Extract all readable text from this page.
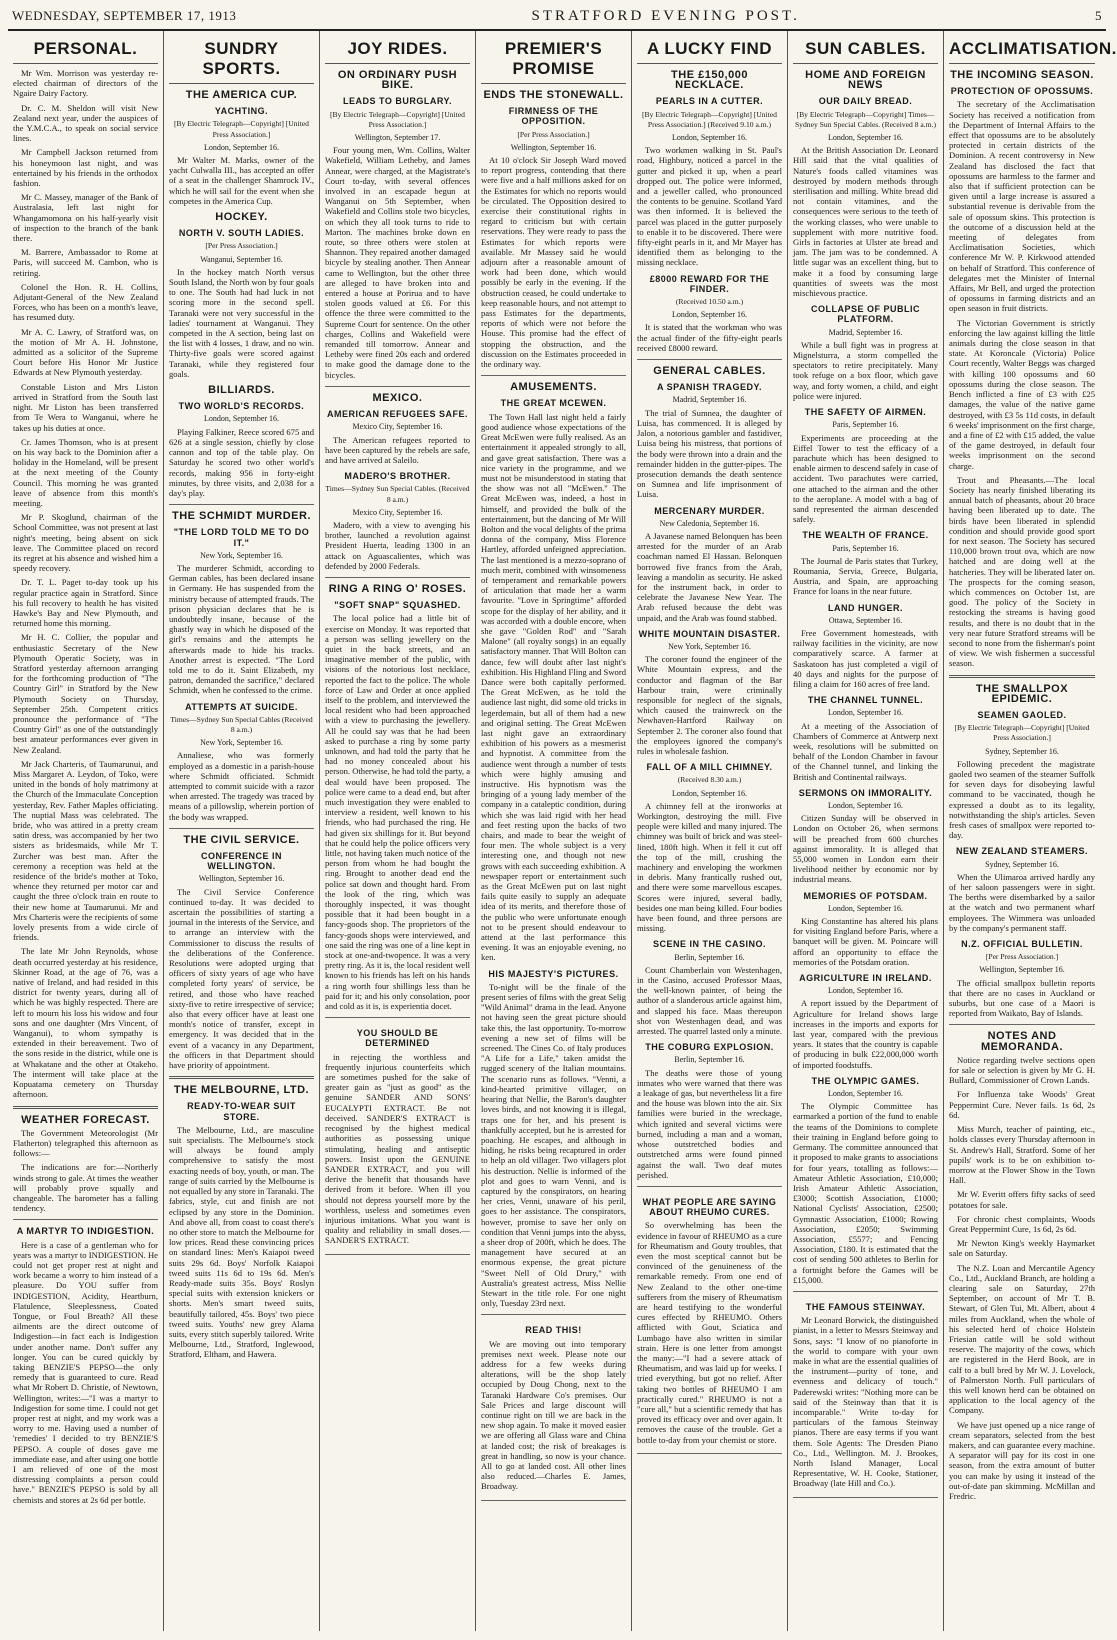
WEDNESDAY, SEPTEMBER 17, 1913	STRATFORD EVENING POST.	5
PERSONAL.

Mr Wm. Morrison was yesterday re-elected chairman of directors of the Ngaire Dairy Factory.

Dr. C. M. Sheldon will visit New Zealand next year, under the auspices of the Y.M.C.A., to speak on social service lines.

Mr Campbell Jackson returned from his honeymoon last night, and was entertained by his friends in the orthodox fashion.

Mr C. Massey, manager of the Bank of Australasia, left last night for Whangamomona on his half-yearly visit of inspection to the branch of the bank there.

M. Barrere, Ambassador to Rome at Paris, will succeed M. Cambon, who is retiring.

Colonel the Hon. R. H. Collins, Adjutant-General of the New Zealand Forces, who has been on a month's leave, has resumed duty.

Mr A. C. Lawry, of Stratford was, on the motion of Mr A. H. Johnstone, admitted as a solicitor of the Supreme Court before His Honor Mr Justice Edwards at New Plymouth yesterday.

Constable Liston and Mrs Liston arrived in Stratford from the South last night. Mr Liston has been transferred from Te Wera to Wanganui, where he takes up his duties at once.

Cr. James Thomson, who is at present on his way back to the Dominion after a holiday in the Homeland, will be present at the next meeting of the County Council. This morning he was granted leave of absence from this month's meeting.

Mr P. Skoglund, chairman of the School Committee, was not present at last night's meeting, being absent on sick leave. The Committee placed on record its regret at his absence and wished him a speedy recovery.

Dr. T. L. Paget to-day took up his regular practice again in Stratford. Since his full recovery to health he has visited Hawke's Bay and New Plymouth, and returned home this morning.

Mr H. C. Collier, the popular and enthusiastic Secretary of the New Plymouth Operatic Society, was in Stratford yesterday afternoon arranging for the forthcoming production of "The Country Girl" in Stratford by the New Plymouth Society on Thursday, September 25th. Competent critics pronounce the performance of "The Country Girl" as one of the outstandingly best amateur performances ever given in New Zealand.

Mr Jack Charteris, of Taumarunui, and Miss Margaret A. Leydon, of Toko, were united in the bonds of holy matrimony at the Church of the Immaculate Conception yesterday, Rev. Father Maples officiating. The nuptial Mass was celebrated. The bride, who was attired in a pretty cream satin dress, was accompanied by her two sisters as bridesmaids, while Mr T. Zurcher was best man. After the ceremony a reception was held at the residence of the bride's mother at Toko, whence they returned per motor car and caught the three o'clock train en route to their new home at Taumarunui. Mr and Mrs Charteris were the recipients of some lovely presents from a wide circle of friends.

The late Mr John Reynolds, whose death occurred yesterday at his residence, Skinner Road, at the age of 76, was a native of Ireland, and had resided in this district for twenty years, during all of which he was highly respected. There are left to mourn his loss his widow and four sons and one daughter (Mrs Vincent, of Wanganui), to whom sympathy is extended in their bereavement. Two of the sons reside in the district, while one is at Whakatane and the other at Otakeho. The interment will take place at the Kopuatama cemetery on Thursday afternoon.

WEATHER FORECAST.

The Government Meteorologist (Mr Flatherton) telegraphed this afternoon as follows:—

The indications are for:—Northerly winds strong to gale. At times the weather will probably prove squally and changeable. The barometer has a falling tendency.

A MARTYR TO INDIGESTION.

Here is a case of a gentleman who for years was a martyr to INDIGESTION. He could not get proper rest at night and work became a worry to him instead of a pleasure. Do YOU suffer from INDIGESTION, Acidity, Heartburn, Flatulence, Sleeplessness, Coated Tongue, or Foul Breath? All these ailments are the direct outcome of Indigestion—in fact each is Indigestion under another name. Don't suffer any longer. You can be cured quickly by taking BENZIE'S PEPSO—the only remedy that is guaranteed to cure. Read what Mr Robert D. Christie, of Newtown, Wellington, writes:—"I was a martyr to Indigestion for some time. I could not get proper rest at night, and my work was a worry to me. Having used a number of 'remedies' I decided to try BENZIE'S PEPSO. A couple of doses gave me immediate ease, and after using one bottle I am relieved of one of the most distressing complaints a person could have." BENZIE'S PEPSO is sold by all chemists and stores at 2s 6d per bottle.

SUNDRY SPORTS.
THE AMERICA CUP.
YACHTING.
[By Electric Telegraph—Copyright] [United Press Association.]
London, September 16.

Mr Walter M. Marks, owner of the yacht Culwalla III., has accepted an offer of a seat in the challenger Shamrock IV., which he will sail for the event when she competes in the America Cup.

HOCKEY.
NORTH V. SOUTH LADIES.
[Per Press Association.]
Wanganui, September 16.

In the hockey match North versus South Island, the North won by four goals to one. The South had had luck in not scoring more in the second spell. Taranaki were not very successful in the ladies' tournament at Wanganui. They competed in the A section, being last on the list with 4 losses, 1 draw, and no win. Thirty-five goals were scored against Taranaki, while they registered four goals.

BILLIARDS.
TWO WORLD'S RECORDS.
London, September 16.

Playing Falkiner, Reece scored 675 and 626 at a single session, chiefly by close cannon and top of the table play. On Saturday he scored two other world's records, making 956 in forty-eight minutes, by three visits, and 2,038 for a day's play.

THE SCHMIDT MURDER.
"THE LORD TOLD ME TO DO IT."
New York, September 16.

The murderer Schmidt, according to German cables, has been declared insane in Germany. He has suspended from the ministry because of attempted frauds. The prison physician declares that he is undoubtedly insane, because of the ghastly way in which he disposed of the girl's remains and the attempts he afterwards made to hide his tracks. Another arrest is expected. "The Lord told me to do it. Saint Elizabeth, my patron, demanded the sacrifice," declared Schmidt, when he confessed to the crime.

ATTEMPTS AT SUICIDE.
Times—Sydney Sun Special Cables (Received 8 a.m.)
New York, September 16.

Annaliese, who was formerly employed as a domestic in a parish-house where Schmidt officiated. Schmidt attempted to commit suicide with a razor when arrested. The tragedy was traced by means of a pillowslip, wherein portion of the body was wrapped.

THE CIVIL SERVICE.
CONFERENCE IN WELLINGTON.
Wellington, September 16.

The Civil Service Conference continued to-day. It was decided to ascertain the possibilities of starting a journal in the interests of the Service, and to arrange an interview with the Commissioner to discuss the results of the deliberations of the Conference. Resolutions were adopted urging that officers of sixty years of age who have completed forty years' of service, be retired, and those who have reached sixty-five to retire irrespective of service; also that every officer have at least one month's notice of transfer, except in emergency. It was decided that in the event of a vacancy in any Department, the officers in that Department should have priority of appointment.

THE MELBOURNE, LTD.
READY-TO-WEAR SUIT STORE.

The Melbourne, Ltd., are masculine suit specialists. The Melbourne's stock will always be found amply comprehensive to satisfy the most exacting needs of boy, youth, or man. The range of suits carried by the Melbourne is not equalled by any store in Taranaki. The fabrics, style, cut and finish are not eclipsed by any store in the Dominion. And above all, from coast to coast there's no other store to match the Melbourne for low prices. Read these convincing prices on standard lines: Men's Kaiapoi tweed suits 29s 6d. Boys' Norfolk Kaiapoi tweed suits 11s 6d to 19s 6d. Men's Ready-made suits 35s. Boys' Roslyn special suits with extension knickers or shorts. Men's smart tweed suits, beautifully tailored, 45s. Boys' two piece tweed suits. Youths' new grey Alama suits, every stitch superbly tailored. Write Melbourne, Ltd., Stratford, Inglewood, Stratford, Eltham, and Hawera.

JOY RIDES.
ON ORDINARY PUSH BIKE.
LEADS TO BURGLARY.
[By Electric Telegraph—Copyright] [United Press Association.]
Wellington, September 17.

Four young men, Wm. Collins, Walter Wakefield, William Letheby, and James Annear, were charged, at the Magistrate's Court to-day, with several offences involved in an escapade begun at Wanganui on 5th September, when Wakefield and Collins stole two bicycles, on which they all took turns to ride to Marton. The machines broke down en route, so three others were stolen at Shannon. They repaired another damaged bicycle by stealing another. Then Annear came to Wellington, but the other three are alleged to have broken into and entered a house at Porirua and to have stolen goods valued at £6. For this offence the three were committed to the Supreme Court for sentence. On the other charges, Collins and Wakefield were remanded till tomorrow. Annear and Letheby were fined 20s each and ordered to make good the damage done to the bicycles.

MEXICO.
AMERICAN REFUGEES SAFE.
Mexico City, September 16.

The American refugees reported to have been captured by the rebels are safe, and have arrived at Saleilo.

MADERO'S BROTHER.
Times—Sydney Sun Special Cables. (Received 8 a.m.)
Mexico City, September 16.

Madero, with a view to avenging his brother, launched a revolution against President Huerta, leading 1300 in an attack on Aguascalientes, which was defended by 2000 Federals.

RING A RING O' ROSES.
"SOFT SNAP" SQUASHED.

The local police had a little bit of exercise on Monday. It was reported that a person was selling jewellery on the quiet in the back streets, and an imaginative member of the public, with visions of the notorious lost necklace, reported the fact to the police. The whole force of Law and Order at once applied itself to the problem, and interviewed the local resident who had been approached with a view to purchasing the jewellery. All he could say was that he had been asked to purchase a ring by some party unknown, and had told the party that he had no money concealed about his person. Otherwise, he had told the party, a deal would have been proposed. The police were came to a dead end, but after much investigation they were enabled to interview a resident, well known to his friends, who had purchased the ring. He had given six shillings for it. But beyond that he could help the police officers very little, not having taken much notice of the person from whom he had bought the ring. Brought to another dead end the police sat down and thought hard. From the look of the ring, which was thoroughly inspected, it was thought possible that it had been bought in a fancy-goods shop. The proprietors of the fancy-goods shops were interviewed, and one said the ring was one of a line kept in stock at one-and-twopence. It was a very pretty ring. As it is, the local resident well known to his friends has left on his hands a ring worth four shillings less than he paid for it; and his only consolation, poor and cold as it is, is experientia docet.

YOU SHOULD BE DETERMINED

in rejecting the worthless and frequently injurious counterfeits which are sometimes pushed for the sake of greater gain as "just as good" as the genuine SANDER AND SONS' EUCALYPTI EXTRACT. Be not deceived. SANDER'S EXTRACT is recognised by the highest medical authorities as possessing unique stimulating, healing and antiseptic powers. Insist upon the GENUINE SANDER EXTRACT, and you will derive the benefit that thousands have derived from it before. When ill you should not depress yourself more by the worthless, useless and sometimes even injurious imitations. What you want is quality and reliability in small doses.—SANDER'S EXTRACT.

PREMIER'S PROMISE
ENDS THE STONEWALL.
FIRMNESS OF THE OPPOSITION.
[Per Press Association.]
Wellington, September 16.

At 10 o'clock Sir Joseph Ward moved to report progress, contending that there were five and a half millions asked for on the Estimates for which no reports would be circulated. The Opposition desired to exercise their constitutional rights in regard to criticism but with certain reservations. They were ready to pass the Estimates for which reports were available. Mr Massey said he would adjourn after a reasonable amount of work had been done, which would possibly be early in the evening. If the obstruction ceased, he could undertake to keep reasonable hours, and not attempt to pass Estimates for the departments, reports of which were not before the House. This promise had the effect of stopping the obstruction, and the discussion on the Estimates proceeded in the ordinary way.

AMUSEMENTS.
THE GREAT MCEWEN.

The Town Hall last night held a fairly good audience whose expectations of the Great McEwen were fully realised. As an entertainment it appealed strongly to all, and gave great satisfaction. There was a nice variety in the programme, and we must not be misunderstood in stating that the show was not all "McEwen." The Great McEwen was, indeed, a host in himself, and provided the bulk of the entertainment, but the dancing of Mr Will Bolton and the vocal delights of the prima donna of the company, Miss Florence Hartley, afforded unfeigned appreciation. The last mentioned is a mezzo-soprano of much merit, combined with winsomeness of temperament and remarkable powers of articulation that made her a warm favourite. "Love in Springtime" afforded scope for the display of her ability, and it was accorded with a double encore, when she gave "Golden Rod" and "Sarah Malone" (all royalty songs) in an equally satisfactory manner. That Will Bolton can dance, few will doubt after last night's exhibition. His Highland Fling and Sword Dance were both capitally performed. The Great McEwen, as he told the audience last night, did some old tricks in legerdemain, but all of them had a new and original setting. The Great McEwen last night gave an extraordinary exhibition of his powers as a mesmerist and hypnotist. A committee from the audience went through a number of tests which were highly amusing and instructive. His hypnotism was the bringing of a young lady member of the company in a cataleptic condition, during which she was laid rigid with her head and feet resting upon the backs of two chairs, and made to bear the weight of four men. The whole subject is a very interesting one, and though not new grows with each succeeding exhibition. A newspaper report or entertainment such as the Great McEwen put on last night fails quite easily to supply an adequate idea of its merits, and therefore those of the public who were unfortunate enough not to be present should endeavour to attend at the last performance this evening. It was an enjoyable evening, no ken.

HIS MAJESTY'S PICTURES.

To-night will be the finale of the present series of films with the great Selig "Wild Animal" drama in the lead. Anyone not having seen the great picture should take this, the last opportunity. To-morrow evening a new set of films will be screened. The Cines Co. of Italy produces "A Life for a Life," taken amidst the rugged scenery of the Italian mountains. The scenario runs as follows. "Venni, a kind-hearted primitive villager, on hearing that Nellie, the Baron's daughter loves birds, and not knowing it is illegal, traps one for her, and his present is thankfully accepted, but he is arrested for poaching. He escapes, and although in hiding, he risks being recaptured in order to help an old villager. Two villagers plot his destruction. Nellie is informed of the plot and goes to warn Venni, and is captured by the conspirators, on hearing her cries, Venni, unaware of his peril, goes to her assistance. The conspirators, however, promise to save her only on condition that Venni jumps into the abyss, a sheer drop of 200ft, which he does. The management have secured at an enormous expense, the great picture "Sweet Nell of Old Drury," with Australia's greatest actress, Miss Nellie Stewart in the title role. For one night only, Tuesday 23rd next.

READ THIS!

We are moving out into temporary premises next week. Please note our address for a few weeks during alterations, will be the shop lately occupied by Doug Chong, next to the Taranaki Hardware Co's premises. Our Sale Prices and large discount will continue right on till we are back in the new shop again. To make it moved easier we are offering all Glass ware and China at landed cost; the risk of breakages is great in handling, so now is your chance. All to go at landed cost. All other lines also reduced.—Charles E. James, Broadway.

A LUCKY FIND
THE £150,000 NECKLACE.
PEARLS IN A CUTTER.
[By Electric Telegraph—Copyright] [United Press Association.] (Received 9.10 a.m.)
London, September 16.

Two workmen walking in St. Paul's road, Highbury, noticed a parcel in the gutter and picked it up, when a pearl dropped out. The police were informed, and a jeweller called, who pronounced the contents to be genuine. Scotland Yard was then informed. It is believed the parcel was placed in the gutter purposely to enable it to be discovered. There were fifty-eight pearls in it, and Mr Mayer has identified them as belonging to the missing necklace.

£8000 REWARD FOR THE FINDER.
(Received 10.50 a.m.)
London, September 16.

It is stated that the workman who was the actual finder of the fifty-eight pearls received £8000 reward.

GENERAL CABLES.
A SPANISH TRAGEDY.
Madrid, September 16.

The trial of Sumnea, the daughter of Luisa, has commenced. It is alleged by Jalon, a notorious gambler and fastidiver, Luisa being his mistress, that portions of the body were thrown into a drain and the remainder hidden in the gutter-pipes. The prosecution demands the death sentence on Sumnea and life imprisonment of Luisa.

MERCENARY MURDER.
New Caledonia, September 16.

A Javanese named Belonquen has been arrested for the murder of an Arab coachman named El Hassan. Belonquen borrowed five francs from the Arab, leaving a mandolin as security. He asked for the instrument back, in order to celebrate the Javanese New Year. The Arab refused because the debt was unpaid, and the Arab was found stabbed.

WHITE MOUNTAIN DISASTER.
New York, September 16.

The coroner found the engineer of the White Mountain express, and the conductor and flagman of the Bar Harbour train, were criminally responsible for neglect of the signals, which caused the trainwreck on the Newhaven-Hartford Railway on September 2. The coroner also found that the employees ignored the company's rules in wholesale fashion.

FALL OF A MILL CHIMNEY.
(Received 8.30 a.m.)
London, September 16.

A chimney fell at the ironworks at Workington, destroying the mill. Five people were killed and many injured. The chimney was built of brick and was steel-lined, 180ft high. When it fell it cut off the top of the mill, crushing the machinery and enveloping the workmen in debris. Many frantically rushed out, and there were some marvellous escapes. Scores were injured, several badly, besides one man being killed. Four bodies have been found, and three persons are missing.

SCENE IN THE CASINO.
Berlin, September 16.

Count Chamberlain von Westenhagen, in the Casino, accused Professor Maas, the well-known painter, of being the author of a slanderous article against him, and slapped his face. Maas thereupon shot von Westenhagen dead, and was arrested. The quarrel lasted only a minute.

THE COBURG EXPLOSION.
Berlin, September 16.

The deaths were those of young inmates who were warned that there was a leakage of gas, but nevertheless lit a fire and the house was blown into the air. Six families were buried in the wreckage, which ignited and several victims were burned, including a man and a woman, whose outstretched bodies and outstretched arms were found pinned against the wall. Two deaf mutes perished.

WHAT PEOPLE ARE SAYING ABOUT RHEUMO CURES.

So overwhelming has been the evidence in favour of RHEUMO as a cure for Rheumatism and Gouty troubles, that even the most sceptical cannot but be convinced of the genuineness of the remarkable remedy. From one end of New Zealand to the other one-time sufferers from the misery of Rheumatism are heard testifying to the wonderful cures effected by RHEUMO. Others afflicted with Gout, Sciatica and Lumbago have also written in similar strain. Here is one letter from amongst the many:—"I had a severe attack of Rheumatism, and was laid up for weeks. I tried everything, but got no relief. After taking two bottles of RHEUMO I am practically cured." RHEUMO is not a "cure all," but a scientific remedy that has proved its efficacy over and over again. It removes the cause of the trouble. Get a bottle to-day from your chemist or store.

SUN CABLES.
HOME AND FOREIGN NEWS
OUR DAILY BREAD.
[By Electric Telegraph—Copyright] Times—Sydney Sun Special Cables. (Received 8 a.m.)
London, September 16.

At the British Association Dr. Leonard Hill said that the vital qualities of Nature's foods called vitamines was destroyed by modern methods through sterilisation and milling. White bread did not contain vitamines, and the consequences were serious to the teeth of the working classes, who were unable to supplement with more nutritive food. Girls in factories at Ulster ate bread and jam. The jam was to be condemned. A little sugar was an excellent thing, but to make it a food by consuming large quantities of sweets was the most mischievous practice.

COLLAPSE OF PUBLIC PLATFORM.
Madrid, September 16.

While a bull fight was in progress at Mignelsturra, a storm compelled the spectators to retire precipitately. Many took refuge on a box floor, which gave way, and forty women, a child, and eight police were injured.

THE SAFETY OF AIRMEN.
Paris, September 16.

Experiments are proceeding at the Eiffel Tower to test the efficacy of a parachute which has been designed to enable airmen to descend safely in case of accident. Two parachutes were carried, one attached to the airman and the other to the aeroplane. A model with a bag of sand represented the airman descended safely.

THE WEALTH OF FRANCE.
Paris, September 16.

The Journal de Paris states that Turkey, Roumania, Servia, Greece, Bulgaria, Austria, and Spain, are approaching France for loans in the near future.

LAND HUNGER.
Ottawa, September 16.

Free Government homesteads, with railway facilities in the vicinity, are now comparatively scarce. A farmer at Saskatoon has just completed a vigil of 40 days and nights for the purpose of filing a claim for 160 acres of free land.

THE CHANNEL TUNNEL.
London, September 16.

At a meeting of the Association of Chambers of Commerce at Antwerp next week, resolutions will be submitted on behalf of the London Chamber in favour of the Channel tunnel, and linking the British and Continental railways.

SERMONS ON IMMORALITY.
London, September 16.

Citizen Sunday will be observed in London on October 26, when sermons will be preached from 600 churches against immorality. It is alleged that 55,000 women in London earn their livelihood neither by economic nor by industrial means.

MEMORIES OF POTSDAM.
London, September 16.

King Constantine has altered his plans for visiting England before Paris, where a banquet will be given. M. Poincare will afford an opportunity to efface the memories of the Potsdam oration.

AGRICULTURE IN IRELAND.
London, September 16.

A report issued by the Department of Agriculture for Ireland shows large increases in the imports and exports for last year, compared with the previous years. It states that the country is capable of producing in bulk £22,000,000 worth of imported foodstuffs.

THE OLYMPIC GAMES.
London, September 16.

The Olympic Committee has earmarked a portion of the fund to enable the teams of the Dominions to complete their training in England before going to Germany. The committee announced that it proposed to make grants to associations for four years, totalling as follows:—Amateur Athletic Association, £10,000; Irish Amateur Athletic Association, £3000; Scottish Association, £1000; National Cyclists' Association, £2500; Gymnastic Association, £1000; Rowing Association, £2050; Swimming Association, £5577; and Fencing Association, £180. It is estimated that the cost of sending 500 athletes to Berlin for a fortnight before the Games will be £15,000.

THE FAMOUS STEINWAY.

Mr Leonard Borwick, the distinguished pianist, in a letter to Messrs Steinway and Sons, says: "I know of no pianoforte in the world to compare with your own make in what are the essential qualities of the instrument—purity of tone, and evenness and delicacy of touch." Paderewski writes: "Nothing more can be said of the Steinway than that it is incomparable." Write to-day for particulars of the famous Steinway pianos. There are easy terms if you want them. Sole Agents: The Dresden Piano Co., Ltd., Wellington. M. J. Brookes, North Island Manager, Local Representative, W. H. Cooke, Stationer, Broadway (late Hill and Co.).

ACCLIMATISATION.
THE INCOMING SEASON.
PROTECTION OF OPOSSUMS.

The secretary of the Acclimatisation Society has received a notification from the Department of Internal Affairs to the effect that opossums are to be absolutely protected in certain districts of the Dominion. A recent controversy in New Zealand has disclosed the fact that opossums are harmless to the farmer and also that if sufficient protection can be given until a large increase is assured a substantial revenue is derivable from the sale of opossum skins. This protection is the outcome of a discussion held at the meeting of delegates from Acclimatisation Societies, which conference Mr W. P. Kirkwood attended on behalf of Stratford. This conference of delegates met the Minister of Internal Affairs, Mr Bell, and urged the protection of opossums in farming districts and an open season in fruit districts.

The Victorian Government is strictly enforcing the law against killing the little animals during the close season in that state. At Koroncale (Victoria) Police Court recently, Walter Beggs was charged with killing 100 opossums and 60 opossums during the close season. The Bench inflicted a fine of £3 with £25 damages, the value of the native game destroyed, with £3 5s 11d costs, in default 6 weeks' imprisonment on the first charge, and a fine of £2 with £15 added, the value of the game destroyed, in default four weeks imprisonment on the second charge.

Trout and Pheasants.—The local Society has nearly finished liberating its annual batch of pheasants, about 20 brace having been liberated up to date. The birds have been liberated in splendid condition and should provide good sport for next season. The Society has secured 110,000 brown trout ova, which are now hatched and are doing well at the hatcheries. They will be liberated later on. The prospects for the coming season, which commences on October 1st, are good. The policy of the Society in restocking the streams is having good results, and there is no doubt that in the very near future Stratford streams will be second to none from the fisherman's point of view. We wish fishermen a successful season.

THE SMALLPOX EPIDEMIC.
SEAMEN GAOLED.
[By Electric Telegraph—Copyright] [United Press Association.]
Sydney, September 16.

Following precedent the magistrate gaoled two seamen of the steamer Suffolk for seven days for disobeying lawful command to be vaccinated, though he expressed a doubt as to its legality, notwithstanding the ship's articles. Seven fresh cases of smallpox were reported to-day.

NEW ZEALAND STEAMERS.
Sydney, September 16.

When the Ulimaroa arrived hardly any of her saloon passengers were in sight. The berths were disembarked by a sailor at the watch and two permanent wharf employees. The Wimmera was unloaded by the company's permanent staff.

N.Z. OFFICIAL BULLETIN.
[Per Press Association.]
Wellington, September 16.

The official smallpox bulletin reports that there are no cases in Auckland or suburbs, but one case of a Maori is reported from Waikato, Bay of Islands.

NOTES AND MEMORANDA.

Notice regarding twelve sections open for sale or selection is given by Mr G. H. Bullard, Commissioner of Crown Lands.

For Influenza take Woods' Great Peppermint Cure. Never fails. 1s 6d, 2s 6d.

Miss Murch, teacher of painting, etc., holds classes every Thursday afternoon in St. Andrew's Hall, Stratford. Some of her pupils' work is to be on exhibition to-morrow at the Flower Show in the Town Hall.

Mr W. Everitt offers fifty sacks of seed potatoes for sale.

For chronic chest complaints, Woods Great Peppermint Cure, 1s 6d, 2s 6d.

Mr Newton King's weekly Haymarket sale on Saturday.

The N.Z. Loan and Mercantile Agency Co., Ltd., Auckland Branch, are holding a clearing sale on Saturday, 27th September, on account of Mr T. B. Stewart, of Glen Tui, Mt. Albert, about 4 miles from Auckland, when the whole of his selected herd of choice Holstein Friesian cattle will be sold without reserve. The majority of the cows, which are registered in the Herd Book, are in calf to a bull bred by Mr W. J. Lovelock, of Palmerston North. Full particulars of this well known herd can be obtained on application to the local agency of the Company.

We have just opened up a nice range of cream separators, selected from the best makers, and can guarantee every machine. A separator will pay for its cost in one season, from the extra amount of butter you can make by using it instead of the out-of-date pan skimming. McMillan and Fredric.
